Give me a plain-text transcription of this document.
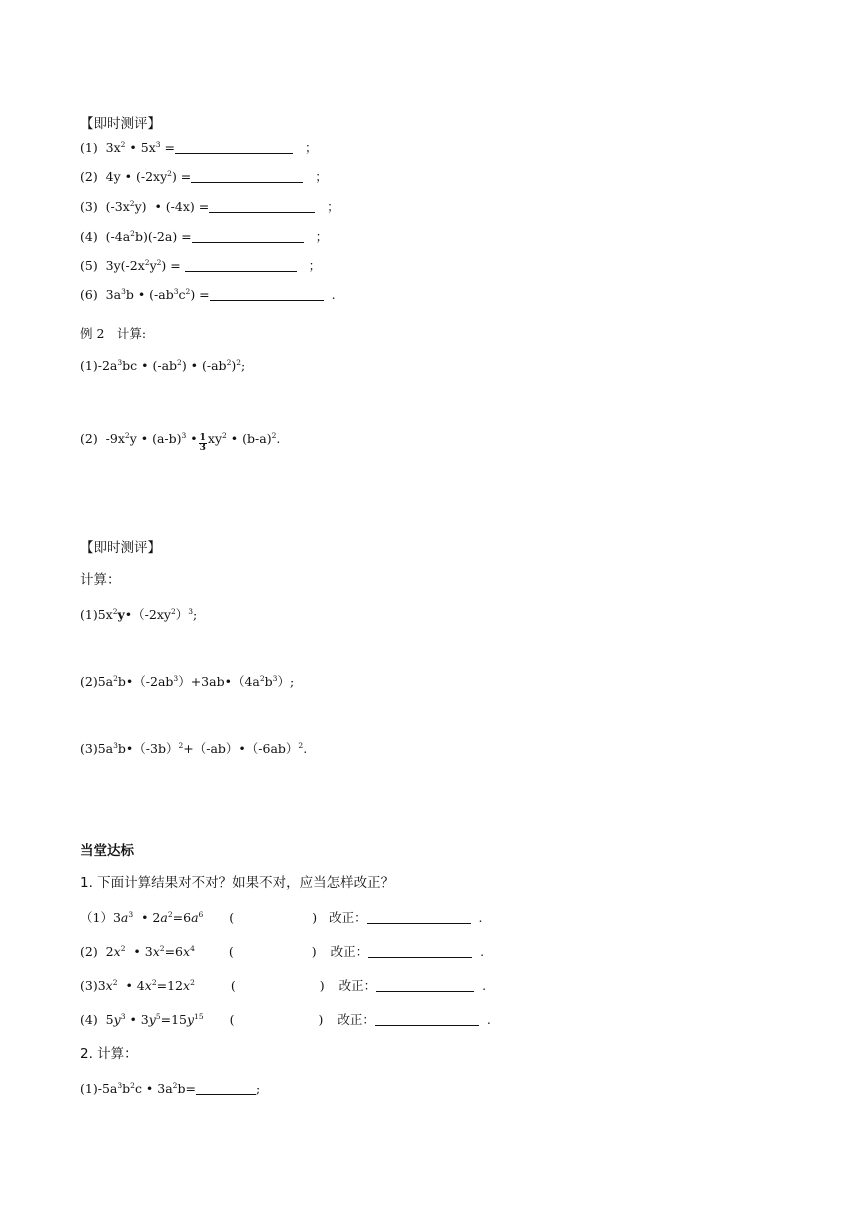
【即时测评】
(1)  $3x^2$ • $5x^3$ =	；
(2)  4y • $(-2xy^2)$ =	；
(3)  $(-3x^2y)$  • (-4x) =	；
(4)  $(-4a^2b)(-2a)$ =	；
(5)  $3y(-2x^2y^2)$ =	；
(6)  $3a^3b$ • $(-ab^3c^2)$ =	.
例 2　计算:
$(1)-2a^3bc$ • $(-ab^2)$ • $(-ab^2)^2$;
(2)  $-9x^2y$ • $(a-b)^3$ • $\frac{1}{3} xy^2$ • $(b-a)^2$.
【即时测评】
计算：
$(1)5x^2y•(-2xy^2)^3$;
$(2)5a^2b•(-2ab^3)+3ab•(4a^2b^3)$;
$(3)5a^3b•(-3b)^2+(-ab)•(-6ab)^2$.
当堂达标
1. 下面计算结果对不对？如果不对，应当怎样改正？
$(1)3a^3$  • $2a^2=6a^6$ (	) 改正：	.
(2)  $2x^2$  • $3x^2=6x^4$	(	) 改正：	.
$(3)3x^2$  • $4x^2=12x^2$	(	) 改正：	.
(4)  $5y^3$ • $3y^5=15y^{15}$ (	) 改正：	.
2. 计算：
$(1)-5a^3b^2c$ • $3a^2b=$	;
